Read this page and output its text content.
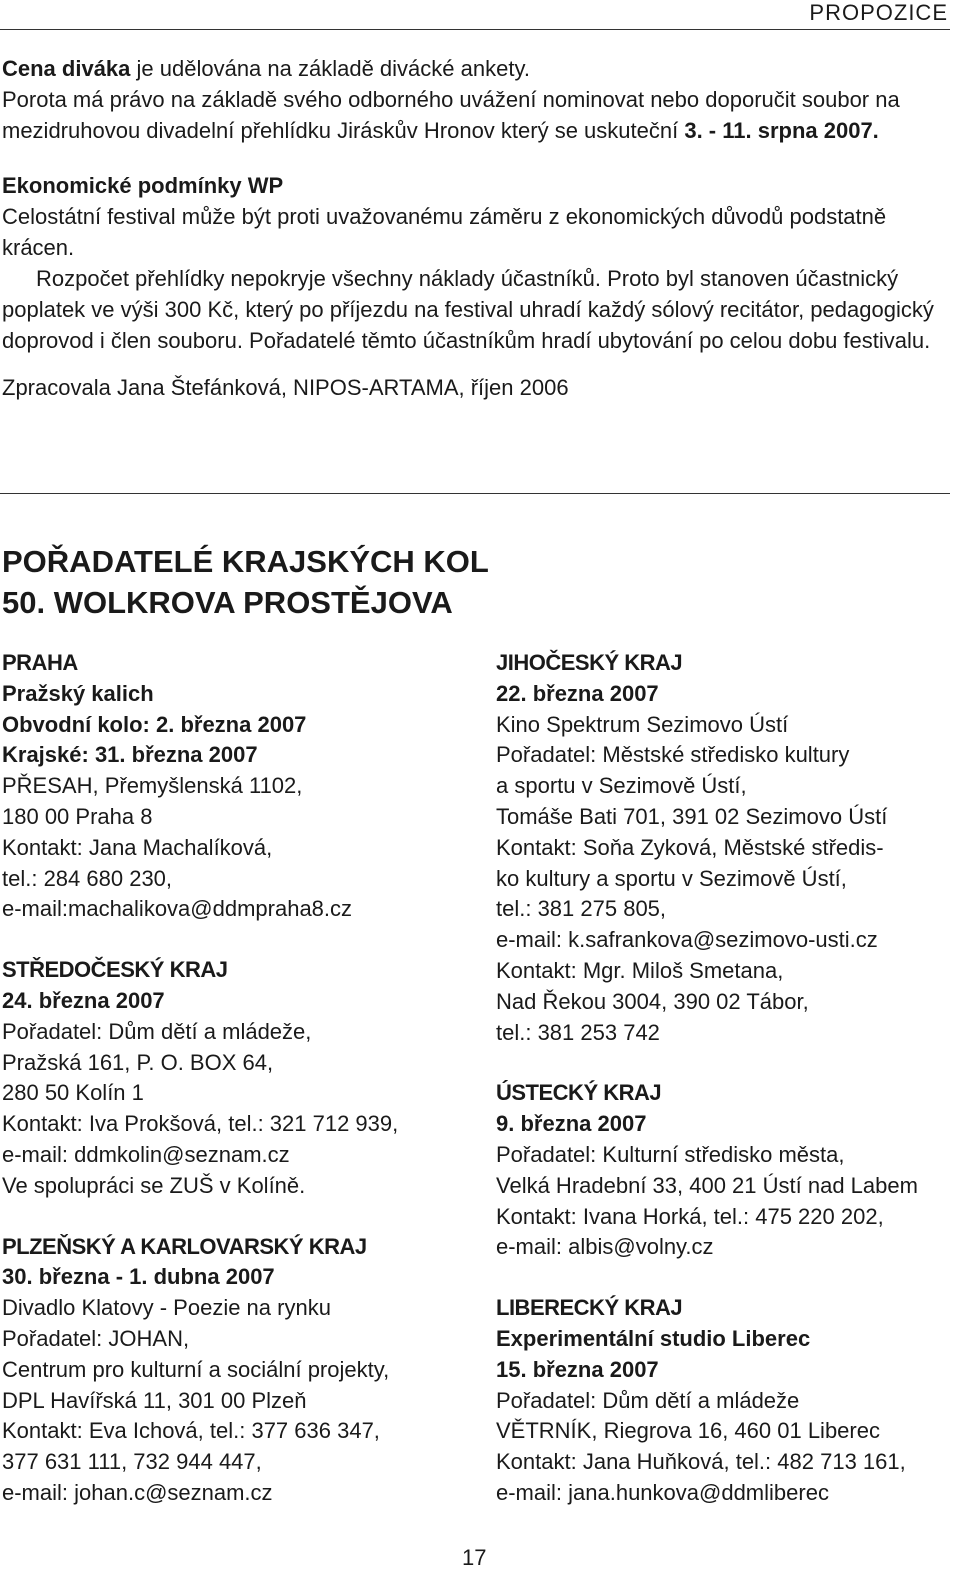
PROPOZICE

Cena diváka je udělována na základě divácké ankety.

Porota má právo na základě svého odborného uvážení nominovat nebo doporučit soubor na mezidruhovou divadelní přehlídku Jiráskův Hronov který se uskuteční 3. - 11. srpna 2007.

Ekonomické podmínky WP

Celostátní festival může být proti uvažovanému záměru z ekonomických důvodů podstatně krácen.

Rozpočet přehlídky nepokryje všechny náklady účastníků. Proto byl stanoven účastnický poplatek ve výši 300 Kč, který po příjezdu na festival uhradí každý sólový recitátor, pedagogický doprovod i člen souboru. Pořadatelé těmto účastníkům hradí ubytování po celou dobu festivalu.

Zpracovala Jana Štefánková, NIPOS-ARTAMA, říjen 2006

POŘADATELÉ KRAJSKÝCH KOL
50. WOLKROVA PROSTĚJOVA
PRAHA
Pražský kalich
Obvodní kolo: 2. března 2007
Krajské: 31. března 2007
PŘESAH, Přemyšlenská 1102,
180 00 Praha 8
Kontakt: Jana Machalíková,
tel.: 284 680 230,
e-mail:machalikova@ddmpraha8.cz
STŘEDOČESKÝ KRAJ
24. března 2007
Pořadatel: Dům dětí a mládeže,
Pražská 161, P. O. BOX 64,
280 50 Kolín 1
Kontakt: Iva Prokšová, tel.: 321 712 939,
e-mail: ddmkolin@seznam.cz
Ve spolupráci se ZUŠ v Kolíně.
PLZEŇSKÝ A KARLOVARSKÝ KRAJ
30. března - 1. dubna 2007
Divadlo Klatovy - Poezie na rynku
Pořadatel: JOHAN,
Centrum pro kulturní a sociální projekty,
DPL Havířská 11, 301 00 Plzeň
Kontakt: Eva Ichová, tel.: 377 636 347,
377 631 111, 732 944 447,
e-mail: johan.c@seznam.cz
JIHOČESKÝ KRAJ
22. března 2007
Kino Spektrum Sezimovo Ústí
Pořadatel: Městské středisko kultury
a sportu v Sezimově Ústí,
Tomáše Bati 701, 391 02 Sezimovo Ústí
Kontakt: Soňa Zyková, Městské středis-
ko kultury a sportu v Sezimově Ústí,
tel.: 381 275 805,
e-mail: k.safrankova@sezimovo-usti.cz
Kontakt: Mgr. Miloš Smetana,
Nad Řekou 3004, 390 02 Tábor,
tel.: 381 253 742
ÚSTECKÝ KRAJ
9. března 2007
Pořadatel: Kulturní středisko města,
Velká Hradební 33, 400 21 Ústí nad Labem
Kontakt: Ivana Horká, tel.: 475 220 202,
e-mail: albis@volny.cz
LIBERECKÝ KRAJ
Experimentální studio Liberec
15. března 2007
Pořadatel: Dům dětí a mládeže
VĚTRNÍK, Riegrova 16, 460 01 Liberec
Kontakt: Jana Huňková, tel.: 482 713 161,
e-mail: jana.hunkova@ddmliberec
17
